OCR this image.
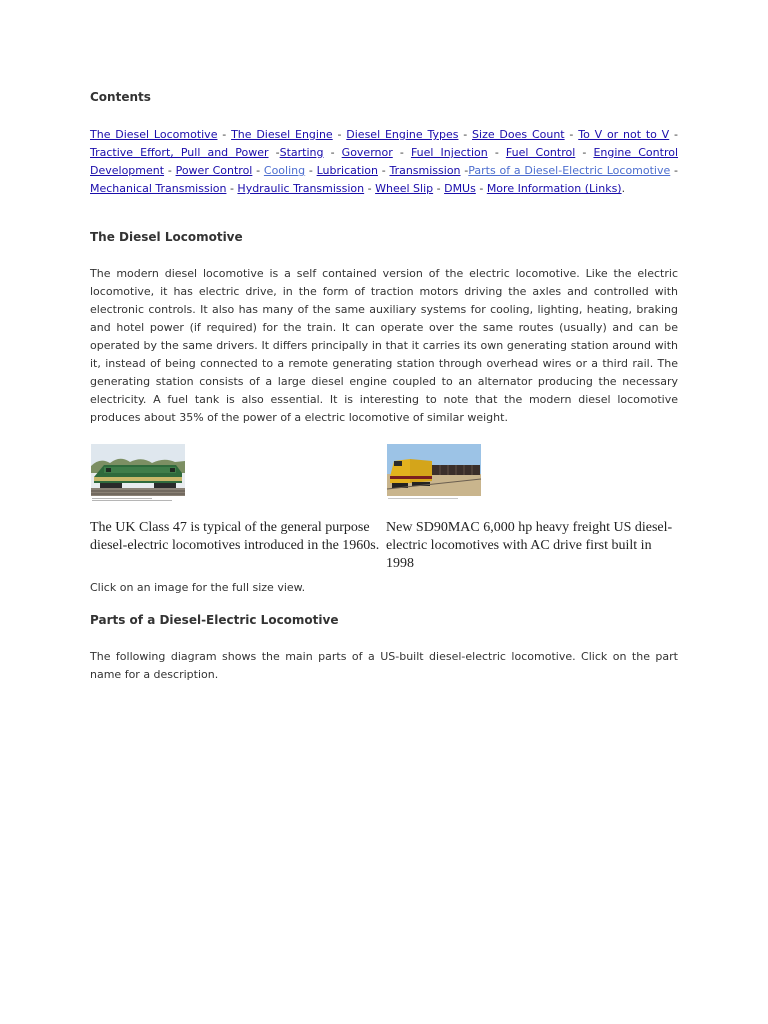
Contents

The Diesel Locomotive - The Diesel Engine - Diesel Engine Types - Size Does Count - To V or not to V - Tractive Effort, Pull and Power -Starting - Governor - Fuel Injection - Fuel Control - Engine Control Development - Power Control - Cooling - Lubrication - Transmission -Parts of a Diesel-Electric Locomotive - Mechanical Transmission - Hydraulic Transmission - Wheel Slip - DMUs - More Information (Links).

The Diesel Locomotive

The modern diesel locomotive is a self contained version of the electric locomotive. Like the electric locomotive, it has electric drive, in the form of traction motors driving the axles and controlled with electronic controls. It also has many of the same auxiliary systems for cooling, lighting, heating, braking and hotel power (if required) for the train. It can operate over the same routes (usually) and can be operated by the same drivers. It differs principally in that it carries its own generating station around with it, instead of being connected to a remote generating station through overhead wires or a third rail. The generating station consists of a large diesel engine coupled to an alternator producing the necessary electricity. A fuel tank is also essential. It is interesting to note that the modern diesel locomotive produces about 35% of the power of a electric locomotive of similar weight.

The UK Class 47 is typical of the general purpose diesel-electric locomotives introduced in the 1960s.
New SD90MAC 6,000 hp heavy freight US diesel-electric locomotives with AC drive first built in 1998

Click on an image for the full size view.

Parts of a Diesel-Electric Locomotive

The following diagram shows the main parts of a US-built diesel-electric locomotive. Click on the part name for a description.
